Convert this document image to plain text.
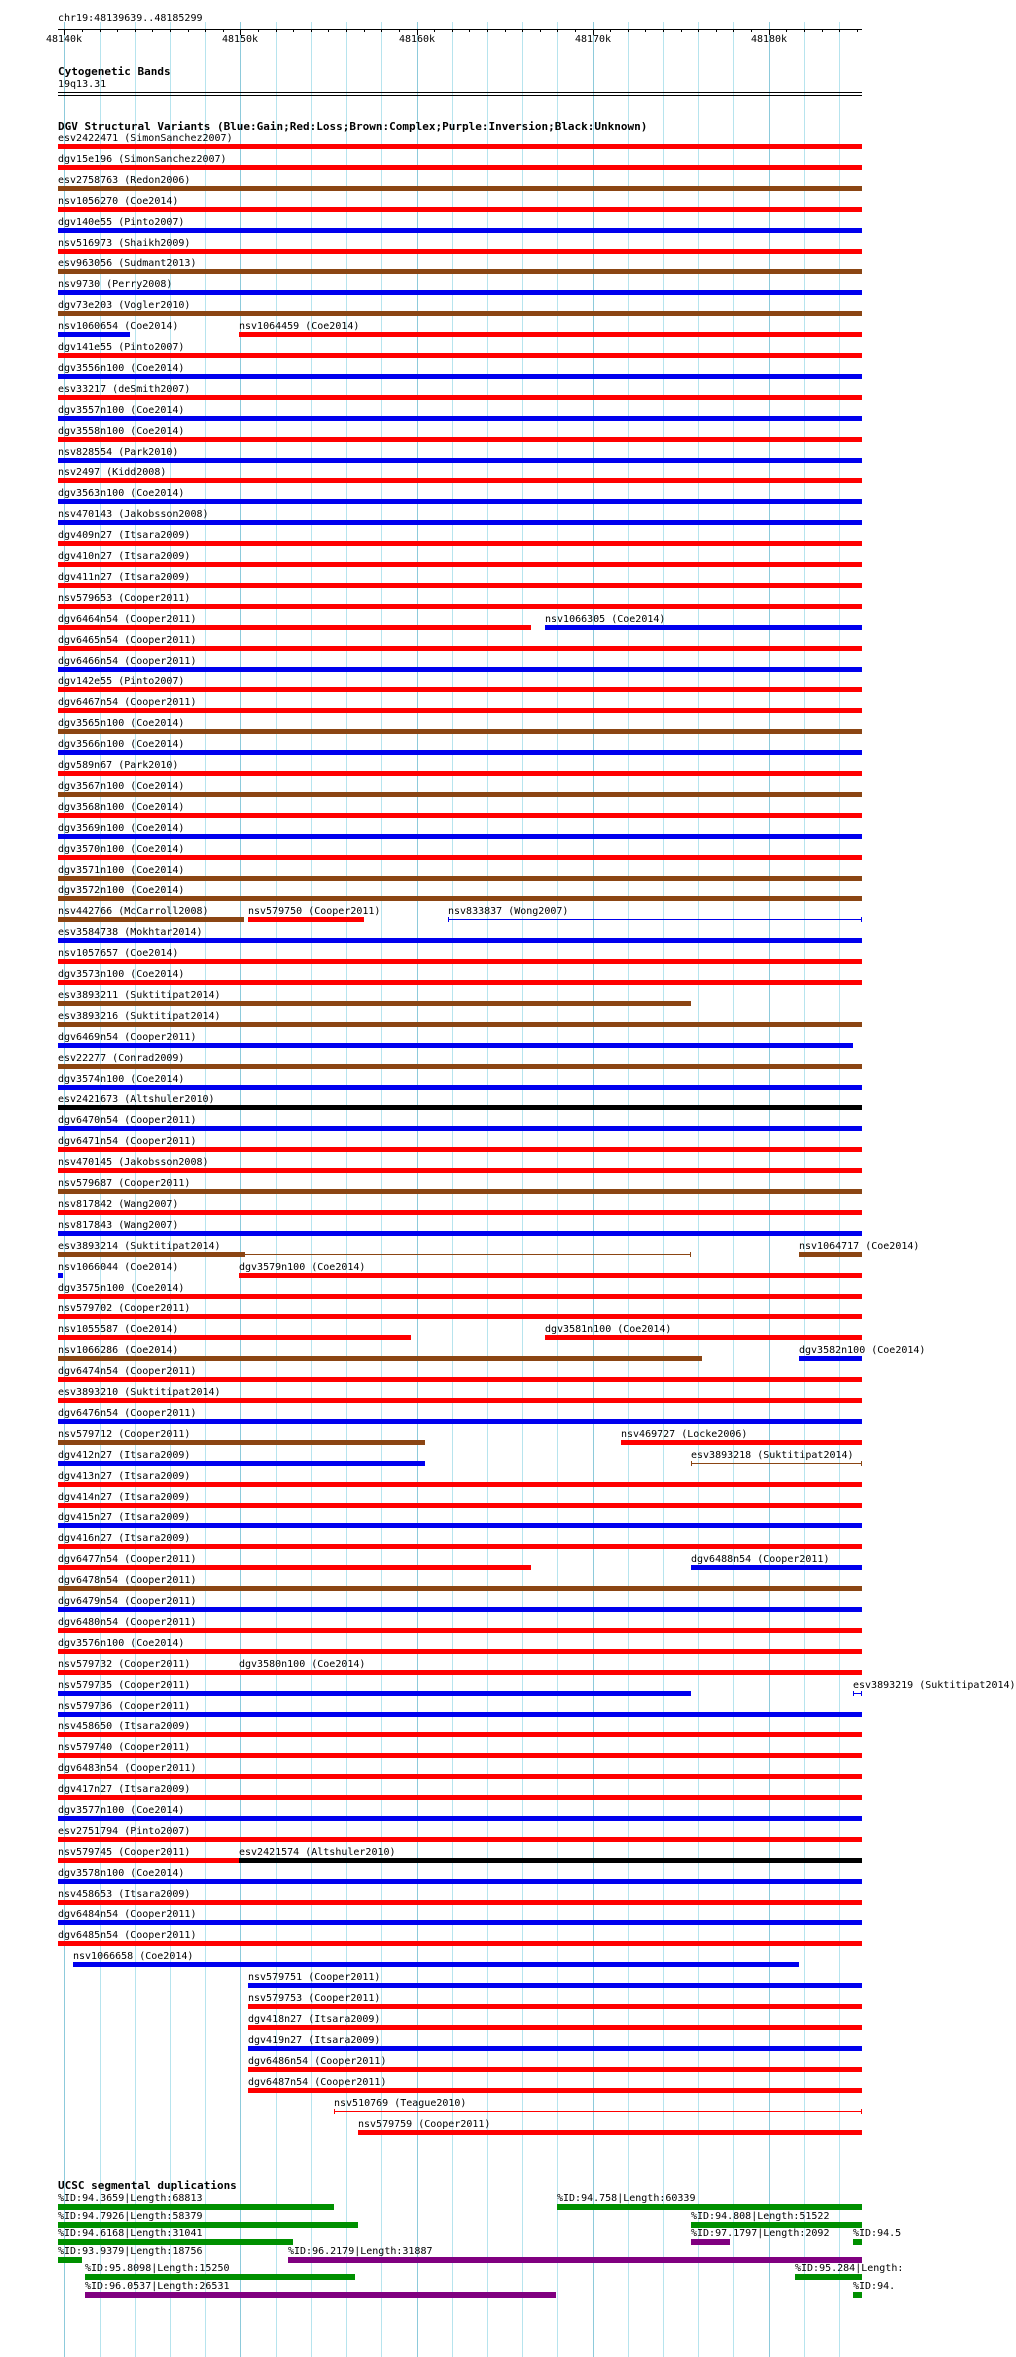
chr19:48139639..48185299
48140k	48150k	48160k	48170k	48180k
Cytogenetic Bands
19q13.31
DGV Structural Variants (Blue:Gain;Red:Loss;Brown:Complex;Purple:Inversion;Black:Unknown)
UCSC segmental duplications
esv2422471 (SimonSanchez2007)
dgv15e196 (SimonSanchez2007)
esv2758763 (Redon2006)
nsv1056270 (Coe2014)
dgv140e55 (Pinto2007)
nsv516973 (Shaikh2009)
esv963056 (Sudmant2013)
nsv9730 (Perry2008)
dgv73e203 (Vogler2010)
nsv1060654 (Coe2014)	nsv1064459 (Coe2014)
dgv141e55 (Pinto2007)
dgv3556n100 (Coe2014)
esv33217 (deSmith2007)
dgv3557n100 (Coe2014)
dgv3558n100 (Coe2014)
nsv828554 (Park2010)
nsv2497 (Kidd2008)
dgv3563n100 (Coe2014)
nsv470143 (Jakobsson2008)
dgv409n27 (Itsara2009)
dgv410n27 (Itsara2009)
dgv411n27 (Itsara2009)
nsv579653 (Cooper2011)
dgv6464n54 (Cooper2011)	nsv1066305 (Coe2014)
dgv6465n54 (Cooper2011)
dgv6466n54 (Cooper2011)
dgv142e55 (Pinto2007)
dgv6467n54 (Cooper2011)
dgv3565n100 (Coe2014)
dgv3566n100 (Coe2014)
dgv589n67 (Park2010)
dgv3567n100 (Coe2014)
dgv3568n100 (Coe2014)
dgv3569n100 (Coe2014)
dgv3570n100 (Coe2014)
dgv3571n100 (Coe2014)
dgv3572n100 (Coe2014)
nsv442766 (McCarroll2008)	nsv579750 (Cooper2011)	nsv833837 (Wong2007)
esv3584738 (Mokhtar2014)
nsv1057657 (Coe2014)
dgv3573n100 (Coe2014)
esv3893211 (Suktitipat2014)
esv3893216 (Suktitipat2014)
dgv6469n54 (Cooper2011)
esv22277 (Conrad2009)
dgv3574n100 (Coe2014)
esv2421673 (Altshuler2010)
dgv6470n54 (Cooper2011)
dgv6471n54 (Cooper2011)
nsv470145 (Jakobsson2008)
nsv579687 (Cooper2011)
nsv817842 (Wang2007)
nsv817843 (Wang2007)
esv3893214 (Suktitipat2014)	nsv1064717 (Coe2014)
nsv1066044 (Coe2014)	dgv3579n100 (Coe2014)
dgv3575n100 (Coe2014)
nsv579702 (Cooper2011)
nsv1055587 (Coe2014)	dgv3581n100 (Coe2014)
nsv1066286 (Coe2014)	dgv3582n100 (Coe2014)
dgv6474n54 (Cooper2011)
esv3893210 (Suktitipat2014)
dgv6476n54 (Cooper2011)
nsv579712 (Cooper2011)	nsv469727 (Locke2006)
dgv412n27 (Itsara2009)	esv3893218 (Suktitipat2014)
dgv413n27 (Itsara2009)
dgv414n27 (Itsara2009)
dgv415n27 (Itsara2009)
dgv416n27 (Itsara2009)
dgv6477n54 (Cooper2011)	dgv6488n54 (Cooper2011)
dgv6478n54 (Cooper2011)
dgv6479n54 (Cooper2011)
dgv6480n54 (Cooper2011)
dgv3576n100 (Coe2014)
nsv579732 (Cooper2011)	dgv3580n100 (Coe2014)
nsv579735 (Cooper2011)	esv3893219 (Suktitipat2014)
nsv579736 (Cooper2011)
nsv458650 (Itsara2009)
nsv579740 (Cooper2011)
dgv6483n54 (Cooper2011)
dgv417n27 (Itsara2009)
dgv3577n100 (Coe2014)
esv2751794 (Pinto2007)
nsv579745 (Cooper2011)	esv2421574 (Altshuler2010)
dgv3578n100 (Coe2014)
nsv458653 (Itsara2009)
dgv6484n54 (Cooper2011)
dgv6485n54 (Cooper2011)
nsv1066658 (Coe2014)
nsv579751 (Cooper2011)
nsv579753 (Cooper2011)
dgv418n27 (Itsara2009)
dgv419n27 (Itsara2009)
dgv6486n54 (Cooper2011)
dgv6487n54 (Cooper2011)
nsv510769 (Teague2010)
nsv579759 (Cooper2011)
%ID:94.3659|Length:68813	%ID:94.758|Length:60339
%ID:94.7926|Length:58379	%ID:94.808|Length:51522
%ID:94.6168|Length:31041	%ID:97.1797|Length:2092 %ID:94.5
%ID:93.9379|Length:18756	%ID:96.2179|Length:31887
%ID:95.8098|Length:15250	%ID:95.284|Length:
%ID:96.0537|Length:26531	%ID:94.
